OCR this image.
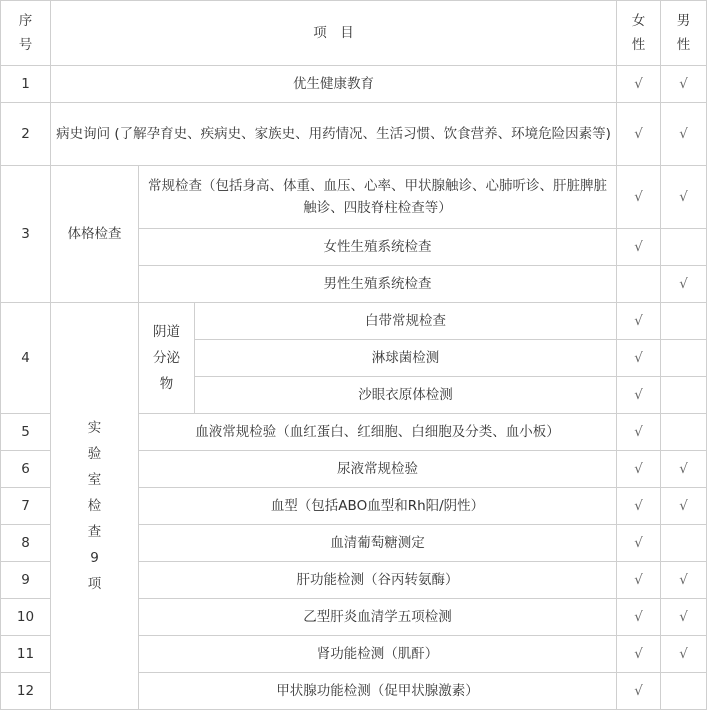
序号	项　目			女性	男性

1	优生健康教育			√	√
2	病史询问 (了解孕育史、疾病史、家族史、用药情况、生活习惯、饮食营养、环境危险因素等)			√	√
3	体格检查	常规检查（包括身高、体重、血压、心率、甲状腺触诊、心肺听诊、肝脏脾脏触诊、四肢脊柱检查等）		√	√
		女性生殖系统检查		√	
		男性生殖系统检查			√
4	实验室检查9项	阴道分泌物	白带常规检查	√	
			淋球菌检测	√	
			沙眼衣原体检测	√	
5		血液常规检验（血红蛋白、红细胞、白细胞及分类、血小板）		√	
6		尿液常规检验		√	√
7		血型（包括ABO血型和Rh阳/阴性）		√	√
8		血清葡萄糖测定		√	
9		肝功能检测（谷丙转氨酶）		√	√
10		乙型肝炎血清学五项检测		√	√
11		肾功能检测（肌酐）		√	√
12		甲状腺功能检测（促甲状腺激素）		√	
